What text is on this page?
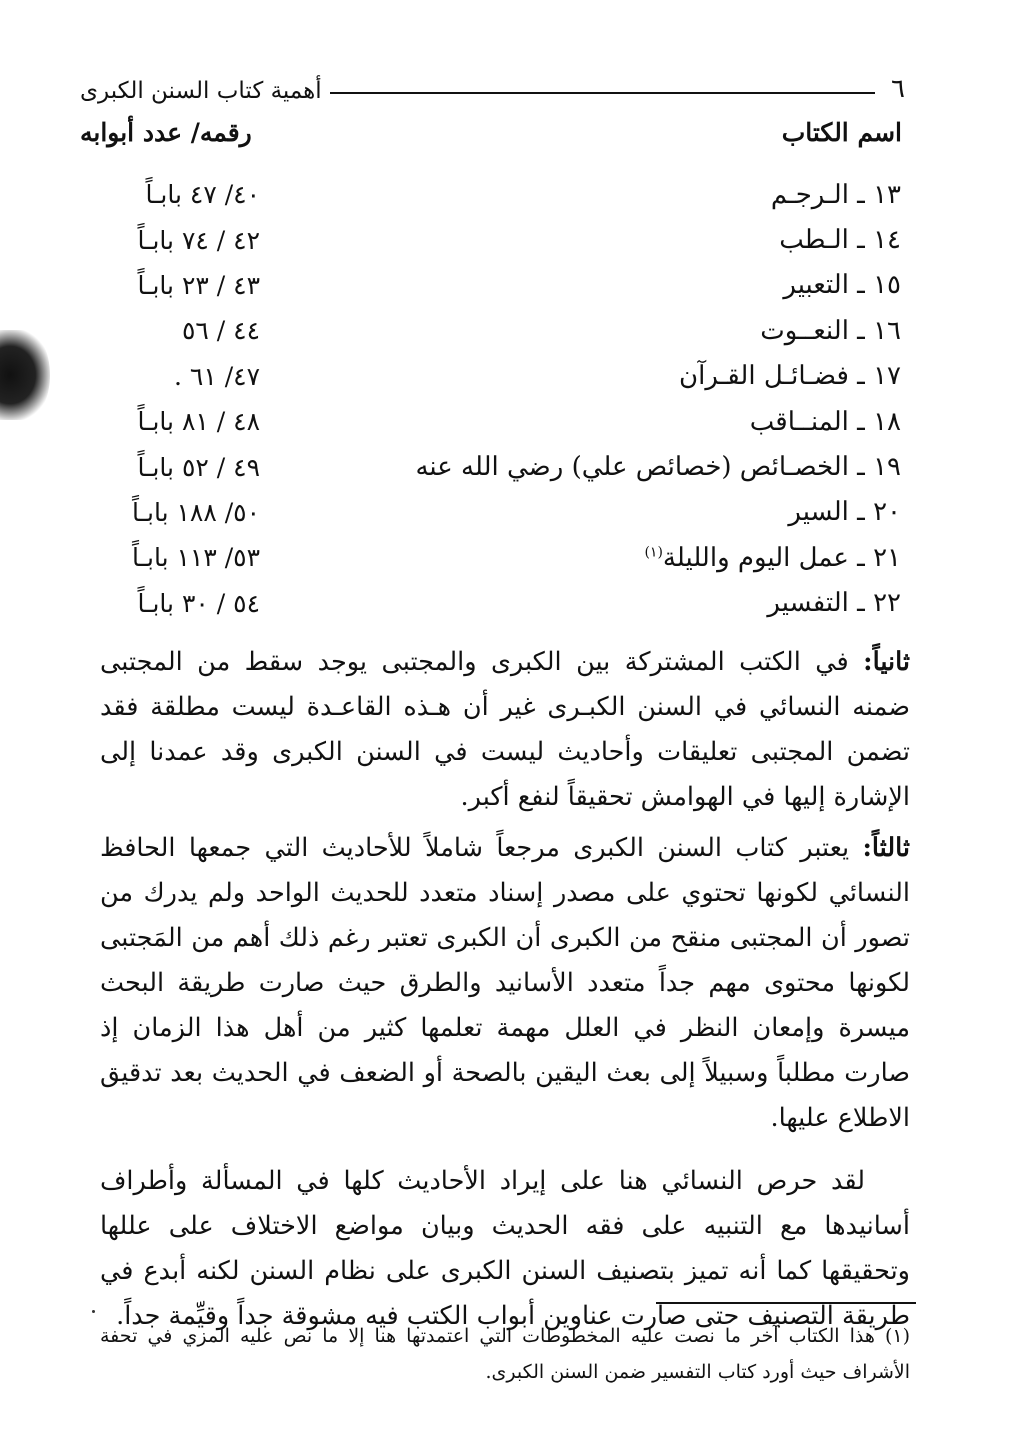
٦
أهمية كتاب السنن الكبرى
اسم الكتاب
رقمه/ عدد أبوابه
١٣ ـ الـرجـم
٤٠/ ٤٧ بابـاً
١٤ ـ الـطب
٤٢ / ٧٤ بابـاً
١٥ ـ التعبير
٤٣ / ٢٣ بابـاً
١٦ ـ النعــوت
٤٤ / ٥٦
١٧ ـ فضـائـل القـرآن
٤٧/ ٦١ .
١٨ ـ المنــاقب
٤٨ / ٨١ بابـاً
١٩ ـ الخصـائص (خصائص علي) رضي الله عنه
٤٩ / ٥٢ بابـاً
٢٠ ـ السير
٥٠/ ١٨٨ بابـاً
٢١ ـ عمل اليوم والليلة$^{(١)}$
٥٣/ ١١٣ بابـاً
٢٢ ـ التفسير
٥٤ / ٣٠ بابـاً

ثانياً: في الكتب المشتركة بين الكبرى والمجتبى يوجد سقط من المجتبى ضمنه النسائي في السنن الكبـرى غير أن هـذه القاعـدة ليست مطلقة فقد تضمن المجتبى تعليقات وأحاديث ليست في السنن الكبرى وقد عمدنا إلى الإشارة إليها في الهوامش تحقيقاً لنفع أكبر.

ثالثاً: يعتبر كتاب السنن الكبرى مرجعاً شاملاً للأحاديث التي جمعها الحافظ النسائي لكونها تحتوي على مصدر إسناد متعدد للحديث الواحد ولم يدرك من تصور أن المجتبى منقح من الكبرى أن الكبرى تعتبر رغم ذلك أهم من المَجتبى لكونها محتوى مهم جداً متعدد الأسانيد والطرق حيث صارت طريقة البحث ميسرة وإمعان النظر في العلل مهمة تعلمها كثير من أهل هذا الزمان إذ صارت مطلباً وسبيلاً إلى بعث اليقين بالصحة أو الضعف في الحديث بعد تدقيق الاطلاع عليها.

لقد حرص النسائي هنا على إيراد الأحاديث كلها في المسألة وأطراف أسانيدها مع التنبيه على فقه الحديث وبيان مواضع الاختلاف على عللها وتحقيقها كما أنه تميز بتصنيف السنن الكبرى على نظام السنن لكنه أبدع في طريقة التصنيف حتى صارت عناوين أبواب الكتب فيه مشوقة جداً وقيِّمة جداً.

(١)هذا الكتاب آخر ما نصت عليه المخطوطات التي اعتمدتها هنا إلا ما نص عليه المزي في تحفة الأشراف حيث أورد كتاب التفسير ضمن السنن الكبرى.
